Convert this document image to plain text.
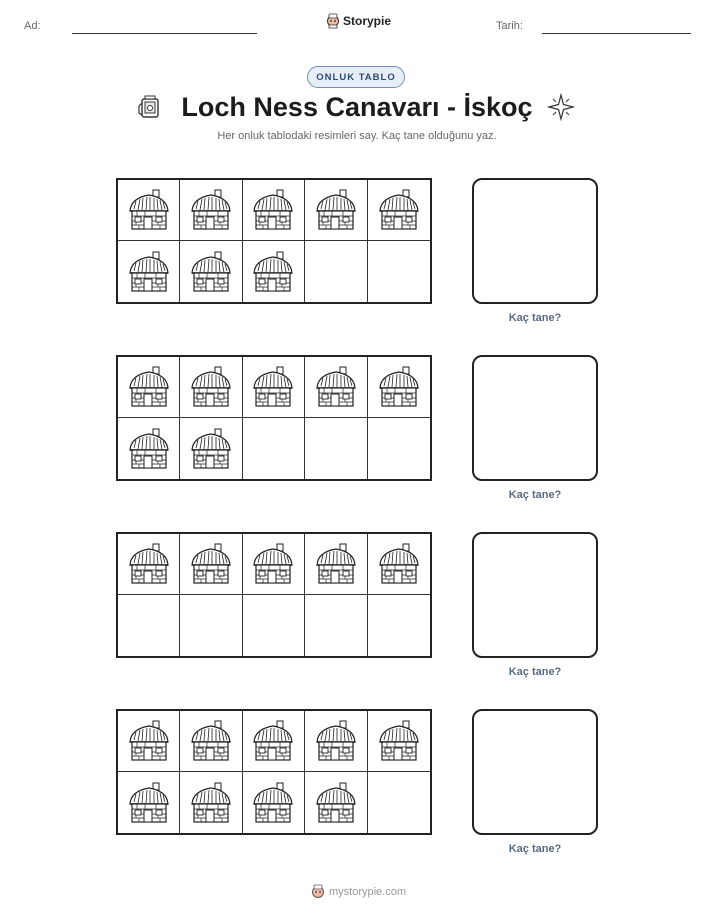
Ad:	Storypie	Tarih:
ONLUK TABLO
Loch Ness Canavarı - İskoç
Her onluk tablodaki resimleri say. Kaç tane olduğunu yaz.
Kaç tane?
Kaç tane?
Kaç tane?
Kaç tane?
mystorypie.com
